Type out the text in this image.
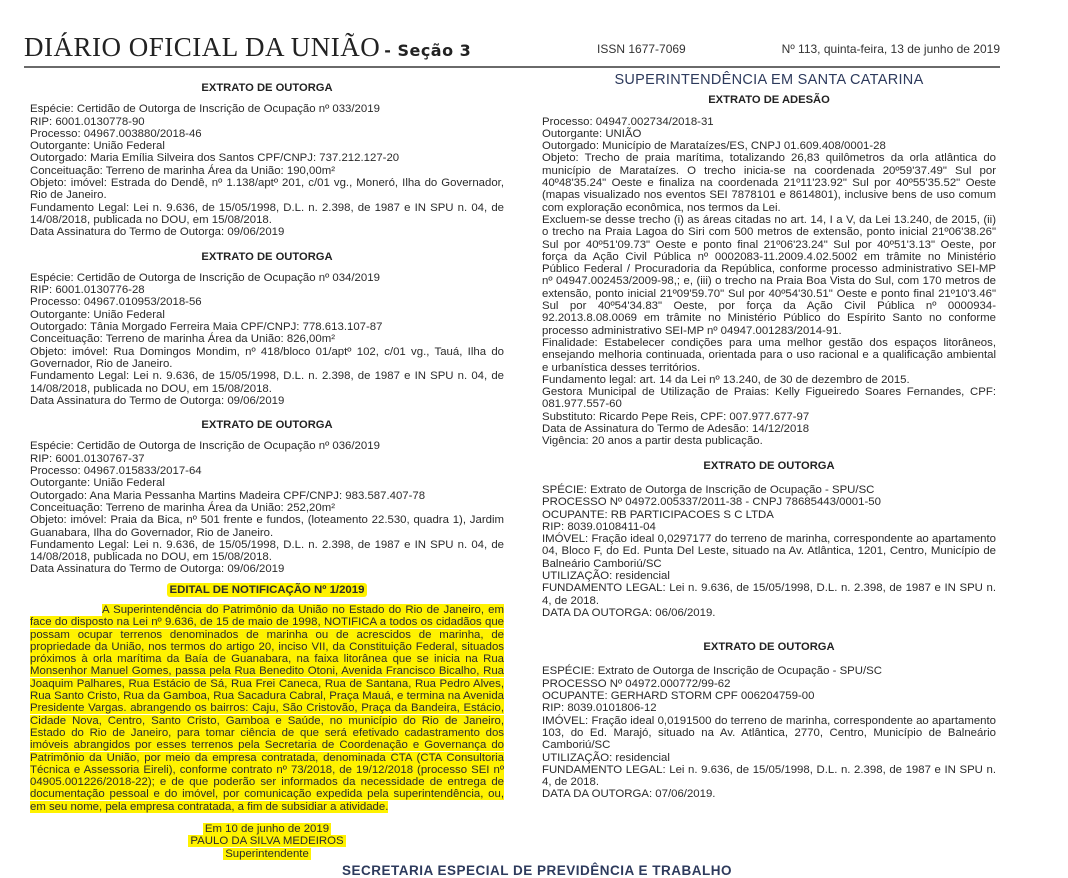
DIÁRIO OFICIAL DA UNIÃO - Seção 3	ISSN 1677-7069	Nº 113, quinta-feira, 13 de junho de 2019

EXTRATO DE OUTORGA

Espécie: Certidão de Outorga de Inscrição de Ocupação nº 033/2019

RIP: 6001.0130778-90

Processo: 04967.003880/2018-46

Outorgante: União Federal

Outorgado: Maria Emília Silveira dos Santos CPF/CNPJ: 737.212.127-20

Conceituação: Terreno de marinha Área da União: 190,00m²

Objeto: imóvel: Estrada do Dendê, nº 1.138/aptº 201, c/01 vg., Moneró, Ilha do Governador, Rio de Janeiro.

Fundamento Legal: Lei n. 9.636, de 15/05/1998, D.L. n. 2.398, de 1987 e IN SPU n. 04, de 14/08/2018, publicada no DOU, em 15/08/2018.

Data Assinatura do Termo de Outorga: 09/06/2019

EXTRATO DE OUTORGA

Espécie: Certidão de Outorga de Inscrição de Ocupação nº 034/2019

RIP: 6001.0130776-28

Processo: 04967.010953/2018-56

Outorgante: União Federal

Outorgado: Tânia Morgado Ferreira Maia CPF/CNPJ: 778.613.107-87

Conceituação: Terreno de marinha Área da União: 826,00m²

Objeto: imóvel: Rua Domingos Mondim, nº 418/bloco 01/aptº 102, c/01 vg., Tauá, Ilha do Governador, Rio de Janeiro.

Fundamento Legal: Lei n. 9.636, de 15/05/1998, D.L. n. 2.398, de 1987 e IN SPU n. 04, de 14/08/2018, publicada no DOU, em 15/08/2018.

Data Assinatura do Termo de Outorga: 09/06/2019

EXTRATO DE OUTORGA

Espécie: Certidão de Outorga de Inscrição de Ocupação nº 036/2019

RIP: 6001.0130767-37

Processo: 04967.015833/2017-64

Outorgante: União Federal

Outorgado: Ana Maria Pessanha Martins Madeira CPF/CNPJ: 983.587.407-78

Conceituação: Terreno de marinha Área da União: 252,20m²

Objeto: imóvel: Praia da Bica, nº 501 frente e fundos, (loteamento 22.530, quadra 1), Jardim Guanabara, Ilha do Governador, Rio de Janeiro.

Fundamento Legal: Lei n. 9.636, de 15/05/1998, D.L. n. 2.398, de 1987 e IN SPU n. 04, de 14/08/2018, publicada no DOU, em 15/08/2018.

Data Assinatura do Termo de Outorga: 09/06/2019

EDITAL DE NOTIFICAÇÃO Nº 1/2019

A Superintendência do Patrimônio da União no Estado do Rio de Janeiro, em face do disposto na Lei nº 9.636, de 15 de maio de 1998, NOTIFICA a todos os cidadãos que possam ocupar terrenos denominados de marinha ou de acrescidos de marinha, de propriedade da União, nos termos do artigo 20, inciso VII, da Constituição Federal, situados próximos à orla marítima da Baía de Guanabara, na faixa litorânea que se inicia na Rua Monsenhor Manuel Gomes, passa pela Rua Benedito Otoni, Avenida Francisco Bicalho, Rua Joaquim Palhares, Rua Estácio de Sá, Rua Frei Caneca, Rua de Santana, Rua Pedro Alves, Rua Santo Cristo, Rua da Gamboa, Rua Sacadura Cabral, Praça Mauá, e termina na Avenida Presidente Vargas. abrangendo os bairros: Caju, São Cristovão, Praça da Bandeira, Estácio, Cidade Nova, Centro, Santo Cristo, Gamboa e Saúde, no município do Rio de Janeiro, Estado do Rio de Janeiro, para tomar ciência de que será efetivado cadastramento dos imóveis abrangidos por esses terrenos pela Secretaria de Coordenação e Governança do Patrimônio da União, por meio da empresa contratada, denominada CTA (CTA Consultoria Técnica e Assessoria Eireli), conforme contrato nº 73/2018, de 19/12/2018 (processo SEI nº 04905.001226/2018-22); e de que poderão ser informados da necessidade de entrega de documentação pessoal e do imóvel, por comunicação expedida pela superintendência, ou, em seu nome, pela empresa contratada, a fim de subsidiar a atividade.

Em 10 de junho de 2019
PAULO DA SILVA MEDEIROS
Superintendente

SUPERINTENDÊNCIA EM SANTA CATARINA

EXTRATO DE ADESÃO

Processo: 04947.002734/2018-31

Outorgante: UNIÃO

Outorgado: Município de Marataízes/ES, CNPJ 01.609.408/0001-28

Objeto: Trecho de praia marítima, totalizando 26,83 quilômetros da orla atlântica do município de Marataízes. O trecho inicia-se na coordenada 20º59'37.49" Sul por 40º48'35.24" Oeste e finaliza na coordenada 21º11'23.92" Sul por 40º55'35.52" Oeste (mapas visualizado nos eventos SEI 7878101 e 8614801), inclusive bens de uso comum com exploração econômica, nos termos da Lei.

Excluem-se desse trecho (i) as áreas citadas no art. 14, I a V, da Lei 13.240, de 2015, (ii) o trecho na Praia Lagoa do Siri com 500 metros de extensão, ponto inicial 21º06'38.26" Sul por 40º51'09.73" Oeste e ponto final 21º06'23.24" Sul por 40º51'3.13" Oeste, por força da Ação Civil Pública nº 0002083-11.2009.4.02.5002 em trâmite no Ministério Público Federal / Procuradoria da República, conforme processo administrativo SEI-MP nº 04947.002453/2009-98,; e, (iii) o trecho na Praia Boa Vista do Sul, com 170 metros de extensão, ponto inicial 21º09'59.70" Sul por 40º54'30.51" Oeste e ponto final 21º10'3.46" Sul por 40º54'34.83" Oeste, por força da Ação Civil Pública nº 0000934-92.2013.8.08.0069 em trâmite no Ministério Público do Espírito Santo no conforme processo administrativo SEI-MP nº 04947.001283/2014-91.

Finalidade: Estabelecer condições para uma melhor gestão dos espaços litorâneos, ensejando melhoria continuada, orientada para o uso racional e a qualificação ambiental e urbanística desses territórios.

Fundamento legal: art. 14 da Lei nº 13.240, de 30 de dezembro de 2015.

Gestora Municipal de Utilização de Praias: Kelly Figueiredo Soares Fernandes, CPF: 081.977.557-60

Substituto: Ricardo Pepe Reis, CPF: 007.977.677-97

Data de Assinatura do Termo de Adesão: 14/12/2018

Vigência: 20 anos a partir desta publicação.

EXTRATO DE OUTORGA

SPÉCIE: Extrato de Outorga de Inscrição de Ocupação - SPU/SC

PROCESSO Nº 04972.005337/2011-38 - CNPJ 78685443/0001-50

OCUPANTE: RB PARTICIPACOES S C LTDA

RIP: 8039.0108411-04

IMÓVEL: Fração ideal 0,0297177 do terreno de marinha, correspondente ao apartamento 04, Bloco F, do Ed. Punta Del Leste, situado na Av. Atlântica, 1201, Centro, Município de Balneário Camboriú/SC

UTILIZAÇÃO: residencial

FUNDAMENTO LEGAL: Lei n. 9.636, de 15/05/1998, D.L. n. 2.398, de 1987 e IN SPU n. 4, de 2018.

DATA DA OUTORGA: 06/06/2019.

EXTRATO DE OUTORGA

ESPÉCIE: Extrato de Outorga de Inscrição de Ocupação - SPU/SC

PROCESSO Nº 04972.000772/99-62

OCUPANTE: GERHARD STORM CPF 006204759-00

RIP: 8039.0101806-12

IMÓVEL: Fração ideal 0,0191500 do terreno de marinha, correspondente ao apartamento 103, do Ed. Marajó, situado na Av. Atlântica, 2770, Centro, Município de Balneário Camboriú/SC

UTILIZAÇÃO: residencial

FUNDAMENTO LEGAL: Lei n. 9.636, de 15/05/1998, D.L. n. 2.398, de 1987 e IN SPU n. 4, de 2018.

DATA DA OUTORGA: 07/06/2019.

SECRETARIA ESPECIAL DE PREVIDÊNCIA E TRABALHO
